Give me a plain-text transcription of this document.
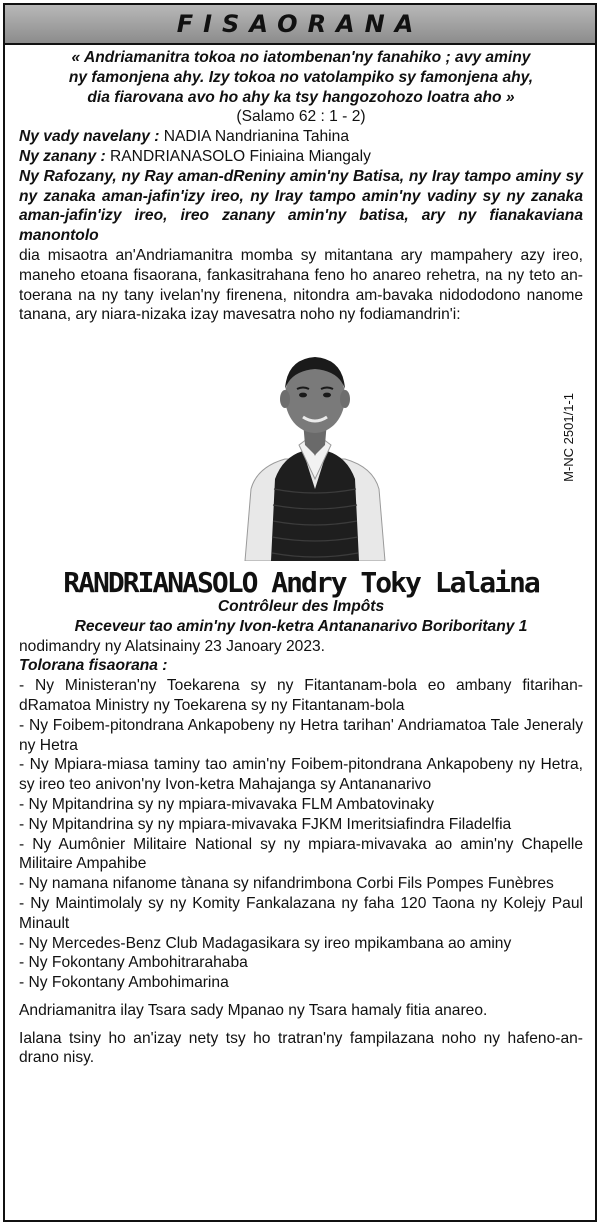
FISAORANA
« Andriamanitra tokoa no iatombenan'ny fanahiko ; avy aminy
ny famonjena ahy. Izy tokoa no vatolampiko sy famonjena ahy,
dia fiarovana avo ho ahy ka tsy hangozohozo loatra aho »
(Salamo 62 : 1 - 2)
Ny vady navelany : NADIA Nandrianina Tahina
Ny zanany : RANDRIANASOLO Finiaina Miangaly
Ny Rafozany, ny Ray aman-dReniny amin'ny Batisa, ny Iray tampo aminy sy ny zanaka aman-jafin'izy ireo, ny Iray tampo amin'ny vadiny sy ny zanaka aman-jafin'izy ireo, ireo zanany amin'ny batisa, ary ny fianakaviana manontolo
dia misaotra an'Andriamanitra momba sy mitantana ary mampahery azy ireo, maneho etoana fisaorana, fankasitrahana feno ho anareo rehetra, na ny teto an-toerana na ny tany ivelan'ny firenena, nitondra am-bavaka nidododono nanome tanana, ary niara-nizaka izay mavesatra noho ny fodiamandrin'i:
M-NC 2501/1-1
RANDRIANASOLO Andry Toky Lalaina
Contrôleur des Impôts
Receveur tao amin'ny Ivon-ketra Antananarivo Boriboritany 1
nodimandry ny Alatsinainy 23 Janoary 2023.
Tolorana fisaorana :
- Ny Ministeran'ny Toekarena sy ny Fitantanam-bola eo ambany fitarihan-dRamatoa Ministry ny Toekarena sy ny Fitantanam-bola
- Ny Foibem-pitondrana Ankapobeny ny Hetra tarihan' Andriamatoa Tale Jeneraly ny Hetra
- Ny Mpiara-miasa taminy tao amin'ny Foibem-pitondrana Ankapobeny ny Hetra, sy ireo teo anivon'ny Ivon-ketra Mahajanga sy Antananarivo
- Ny Mpitandrina sy ny mpiara-mivavaka FLM Ambatovinaky
- Ny Mpitandrina sy ny mpiara-mivavaka FJKM Imeritsiafindra Filadelfia
- Ny Aumônier Militaire National sy ny mpiara-mivavaka ao amin'ny Chapelle Militaire Ampahibe
- Ny namana nifanome tànana sy nifandrimbona Corbi Fils Pompes Funèbres
- Ny Maintimolaly sy ny Komity Fankalazana ny faha 120 Taona ny Kolejy Paul Minault
- Ny Mercedes-Benz Club Madagasikara sy ireo mpikambana ao aminy
- Ny Fokontany Ambohitrarahaba
- Ny Fokontany Ambohimarina
Andriamanitra ilay Tsara sady Mpanao ny Tsara hamaly fitia anareo.
Ialana tsiny ho an'izay nety tsy ho tratran'ny fampilazana noho ny hafeno-an-drano nisy.
